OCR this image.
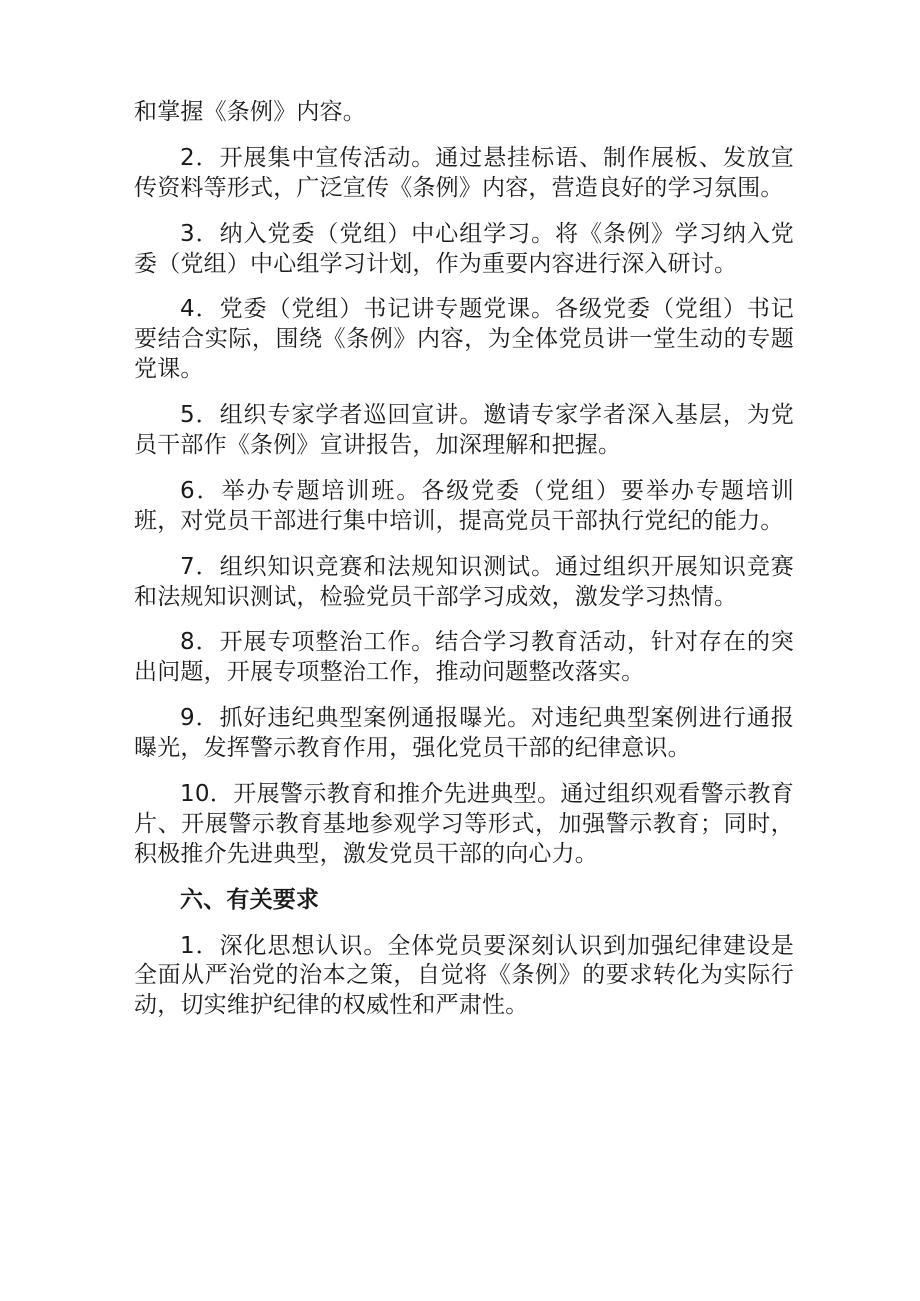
和掌握《条例》内容。

2．开展集中宣传活动。通过悬挂标语、制作展板、发放宣传资料等形式，广泛宣传《条例》内容，营造良好的学习氛围。

3．纳入党委（党组）中心组学习。将《条例》学习纳入党委（党组）中心组学习计划，作为重要内容进行深入研讨。

4．党委（党组）书记讲专题党课。各级党委（党组）书记要结合实际，围绕《条例》内容，为全体党员讲一堂生动的专题党课。

5．组织专家学者巡回宣讲。邀请专家学者深入基层，为党员干部作《条例》宣讲报告，加深理解和把握。

6．举办专题培训班。各级党委（党组）要举办专题培训班，对党员干部进行集中培训，提高党员干部执行党纪的能力。

7．组织知识竞赛和法规知识测试。通过组织开展知识竞赛和法规知识测试，检验党员干部学习成效，激发学习热情。

8．开展专项整治工作。结合学习教育活动，针对存在的突出问题，开展专项整治工作，推动问题整改落实。

9．抓好违纪典型案例通报曝光。对违纪典型案例进行通报曝光，发挥警示教育作用，强化党员干部的纪律意识。

10．开展警示教育和推介先进典型。通过组织观看警示教育片、开展警示教育基地参观学习等形式，加强警示教育；同时，积极推介先进典型，激发党员干部的向心力。

六、有关要求

1．深化思想认识。全体党员要深刻认识到加强纪律建设是全面从严治党的治本之策，自觉将《条例》的要求转化为实际行动，切实维护纪律的权威性和严肃性。
